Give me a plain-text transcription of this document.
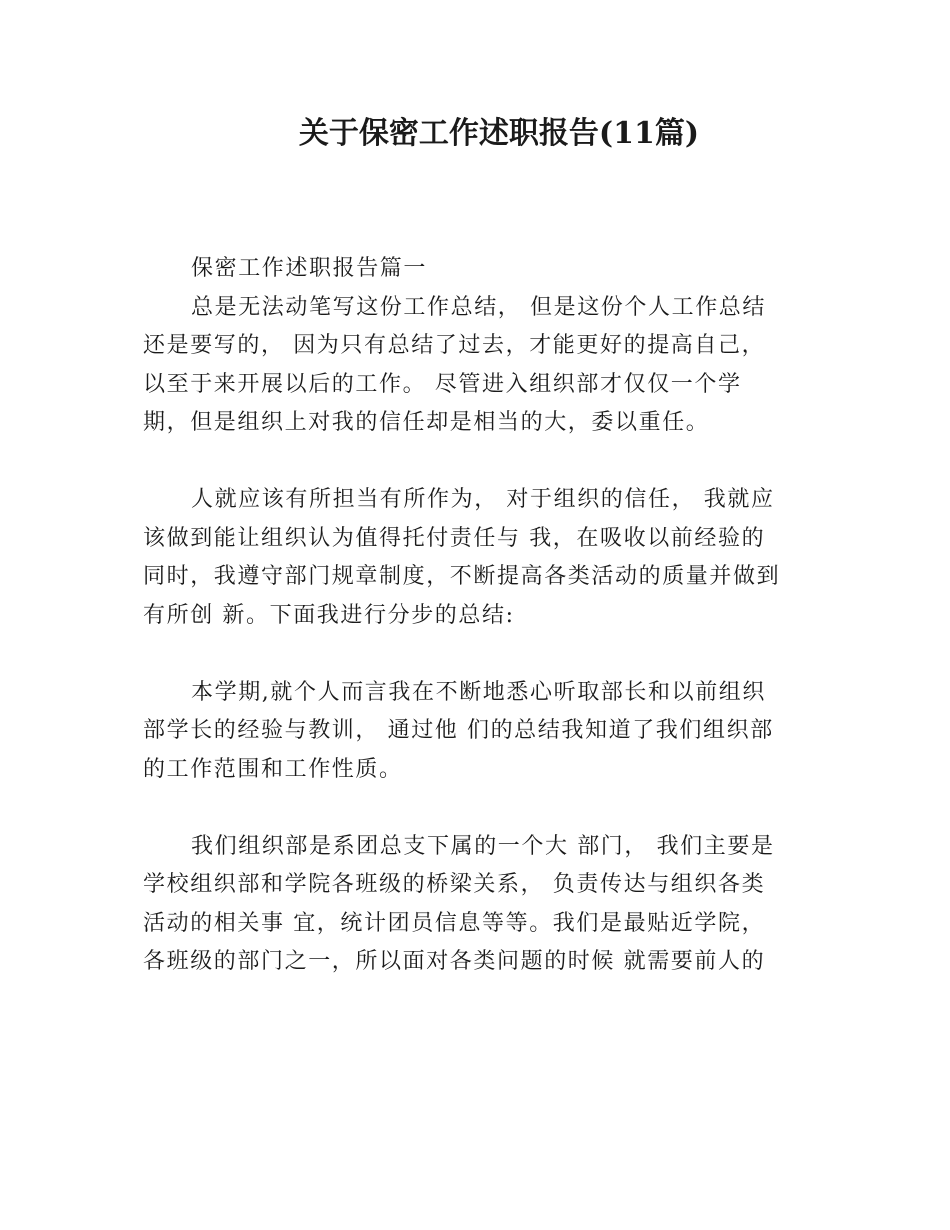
关于保密工作述职报告(11篇)
保密工作述职报告篇一
总是无法动笔写这份工作总结， 但是这份个人工作总结
还是要写的， 因为只有总结了过去，才能更好的提高自己，
以至于来开展以后的工作。 尽管进入组织部才仅仅一个学
期，但是组织上对我的信任却是相当的大，委以重任。
人就应该有所担当有所作为， 对于组织的信任， 我就应
该做到能让组织认为值得托付责任与 我，在吸收以前经验的
同时，我遵守部门规章制度，不断提高各类活动的质量并做到
有所创 新。下面我进行分步的总结:
本学期,就个人而言我在不断地悉心听取部长和以前组织
部学长的经验与教训， 通过他 们的总结我知道了我们组织部
的工作范围和工作性质。
我们组织部是系团总支下属的一个大 部门， 我们主要是
学校组织部和学院各班级的桥梁关系， 负责传达与组织各类
活动的相关事 宜，统计团员信息等等。我们是最贴近学院，
各班级的部门之一，所以面对各类问题的时候 就需要前人的
